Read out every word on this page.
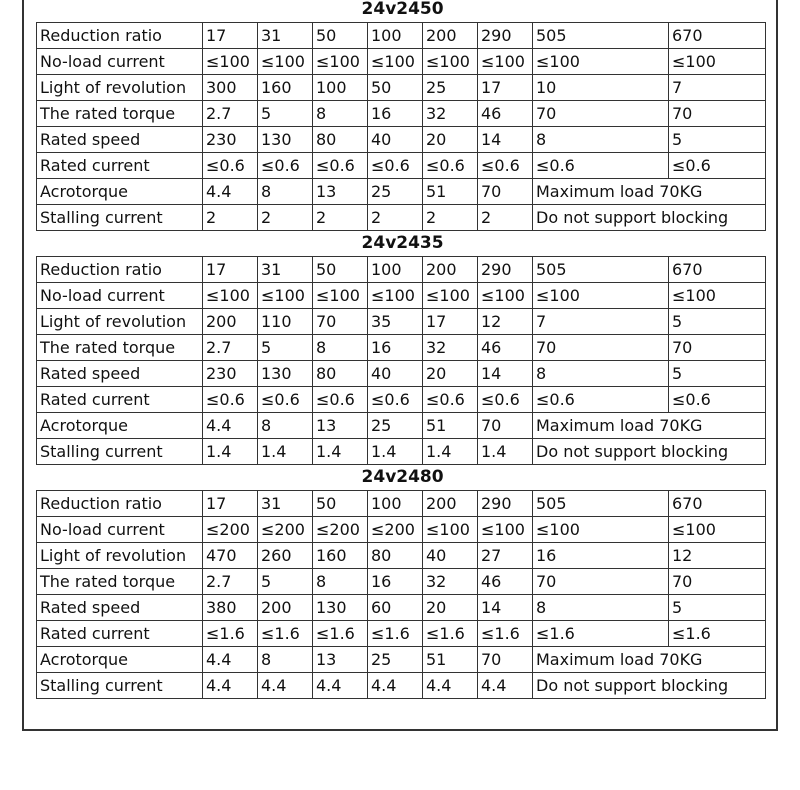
24v2450								
Reduction ratio	17	31	50	100	200	290	505	670
No-load current	≤100	≤100	≤100	≤100	≤100	≤100	≤100	≤100
Light of revolution	300	160	100	50	25	17	10	7
The rated torque	2.7	5	8	16	32	46	70	70
Rated speed	230	130	80	40	20	14	8	5
Rated current	≤0.6	≤0.6	≤0.6	≤0.6	≤0.6	≤0.6	≤0.6	≤0.6
Acrotorque	4.4	8	13	25	51	70	Maximum load 70KG	
Stalling current	2	2	2	2	2	2	Do not support blocking	
24v2435								
Reduction ratio	17	31	50	100	200	290	505	670
No-load current	≤100	≤100	≤100	≤100	≤100	≤100	≤100	≤100
Light of revolution	200	110	70	35	17	12	7	5
The rated torque	2.7	5	8	16	32	46	70	70
Rated speed	230	130	80	40	20	14	8	5
Rated current	≤0.6	≤0.6	≤0.6	≤0.6	≤0.6	≤0.6	≤0.6	≤0.6
Acrotorque	4.4	8	13	25	51	70	Maximum load 70KG	
Stalling current	1.4	1.4	1.4	1.4	1.4	1.4	Do not support blocking	
24v2480								
Reduction ratio	17	31	50	100	200	290	505	670
No-load current	≤200	≤200	≤200	≤200	≤100	≤100	≤100	≤100
Light of revolution	470	260	160	80	40	27	16	12
The rated torque	2.7	5	8	16	32	46	70	70
Rated speed	380	200	130	60	20	14	8	5
Rated current	≤1.6	≤1.6	≤1.6	≤1.6	≤1.6	≤1.6	≤1.6	≤1.6
Acrotorque	4.4	8	13	25	51	70	Maximum load 70KG	
Stalling current	4.4	4.4	4.4	4.4	4.4	4.4	Do not support blocking	
